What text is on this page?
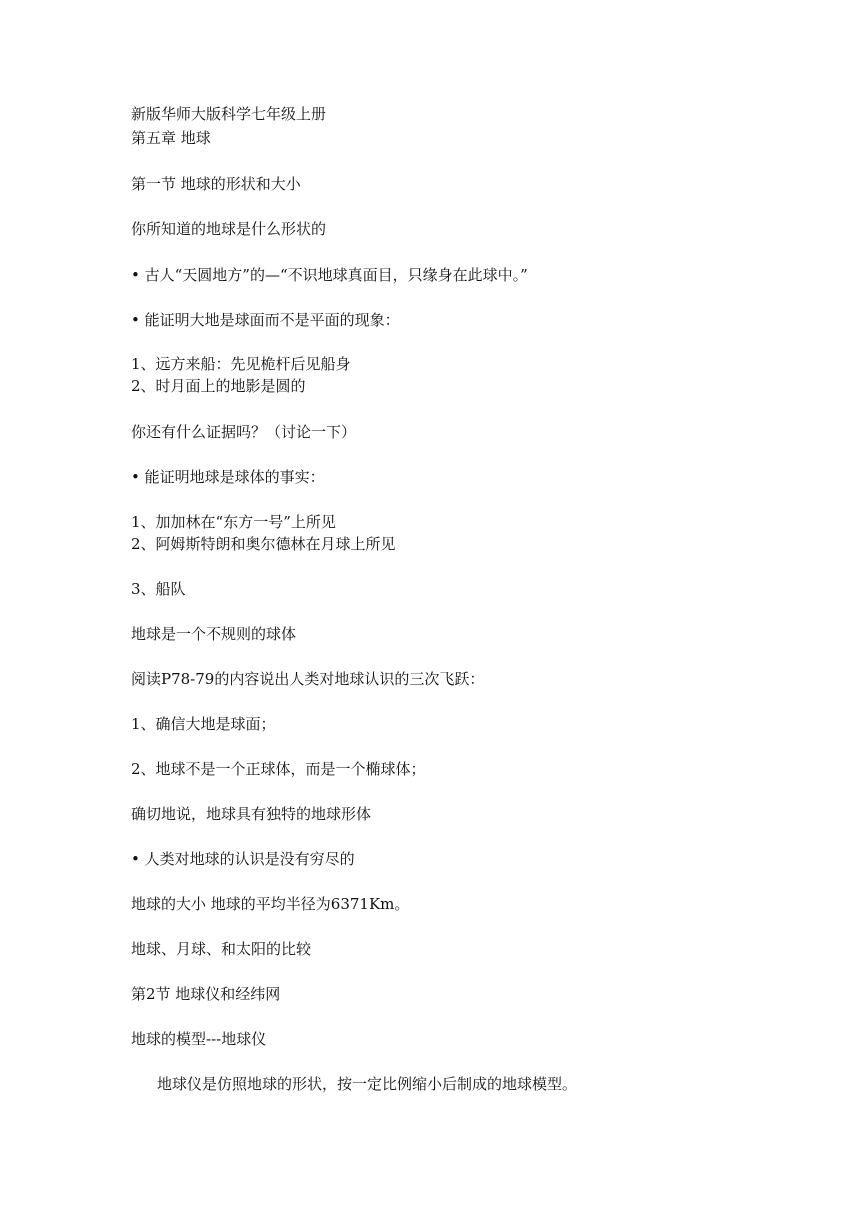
新版华师大版科学七年级上册

第五章 地球

第一节 地球的形状和大小

你所知道的地球是什么形状的

• 古人“天圆地方”的—“不识地球真面目，只缘身在此球中。”

• 能证明大地是球面而不是平面的现象：

1、远方来船：先见桅杆后见船身

2、时月面上的地影是圆的

你还有什么证据吗？（讨论一下）

• 能证明地球是球体的事实：

1、加加林在“东方一号”上所见

2、阿姆斯特朗和奥尔德林在月球上所见

3、船队

地球是一个不规则的球体

阅读P78-79的内容说出人类对地球认识的三次飞跃：

1、确信大地是球面；

2、地球不是一个正球体，而是一个椭球体；

确切地说，地球具有独特的地球形体

• 人类对地球的认识是没有穷尽的

地球的大小 地球的平均半径为6371Km。

地球、月球、和太阳的比较

第2节 地球仪和经纬网

地球的模型---地球仪

地球仪是仿照地球的形状，按一定比例缩小后制成的地球模型。
